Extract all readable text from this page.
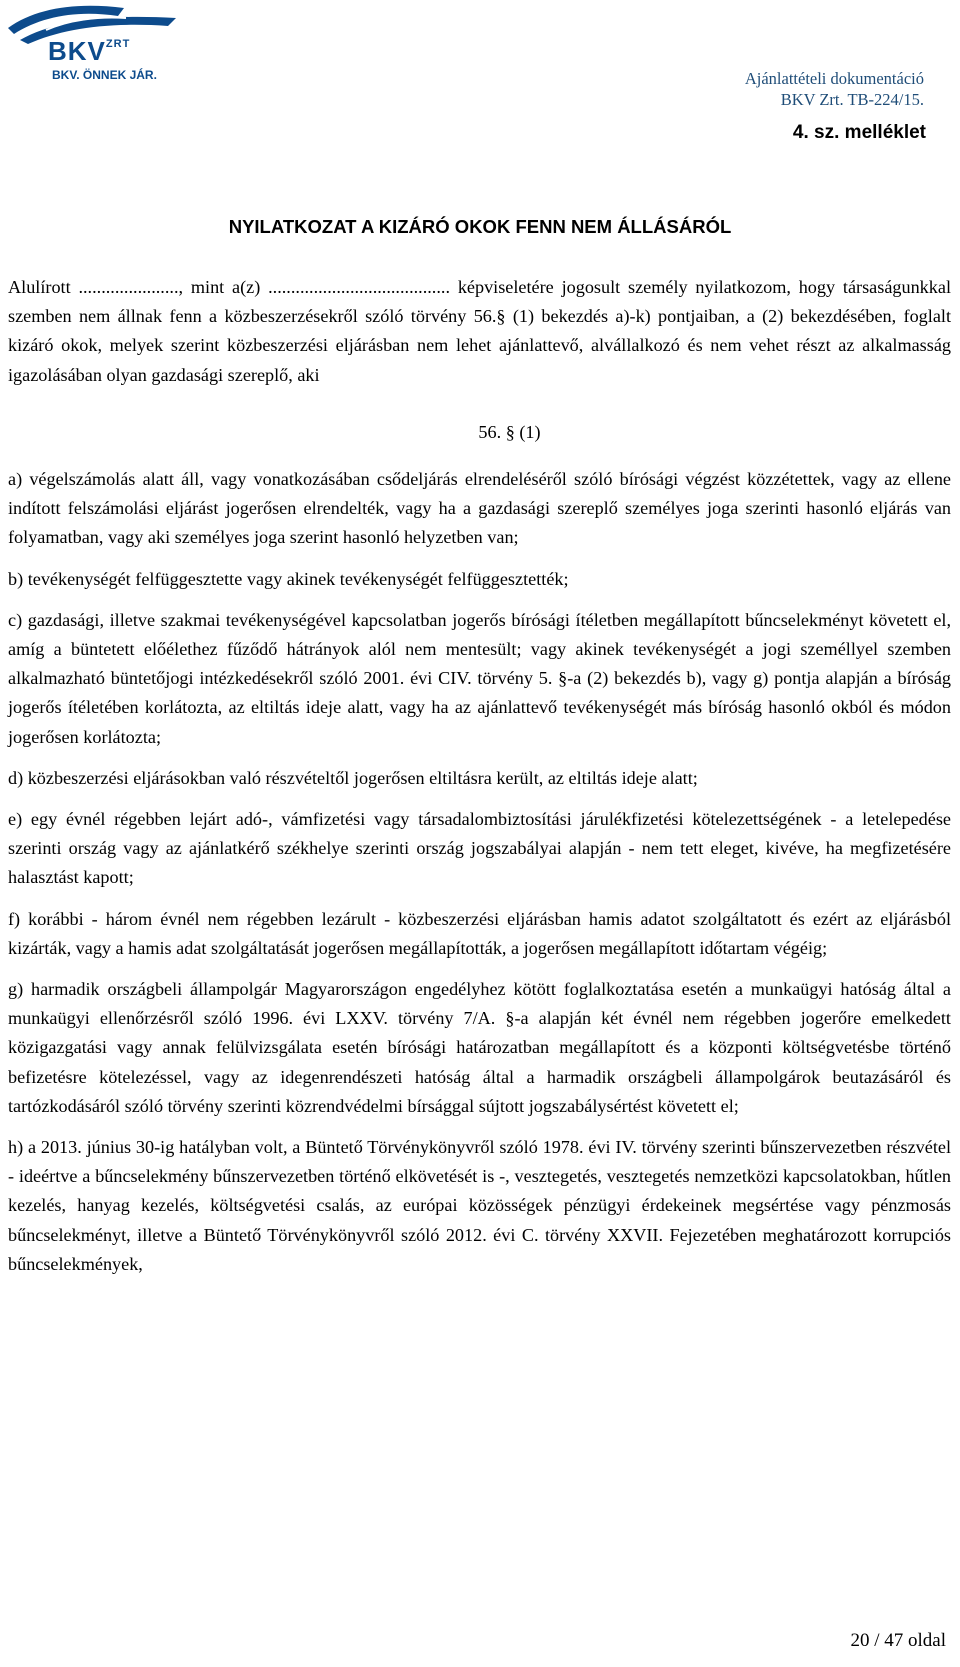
$BKV^{ZRT}$
BKV. ÖNNEK JÁR.	Ajánlattételi dokumentáció
BKV Zrt. TB-224/15.
4. sz. melléklet
NYILATKOZAT A KIZÁRÓ OKOK FENN NEM ÁLLÁSÁRÓL

Alulírott ......................, mint a(z) ........................................ képviseletére jogosult személy nyilatkozom, hogy társaságunkkal szemben nem állnak fenn a közbeszerzésekről szóló törvény 56.§ (1) bekezdés a)-k) pontjaiban, a (2) bekezdésében, foglalt kizáró okok, melyek szerint közbeszerzési eljárásban nem lehet ajánlattevő, alvállalkozó és nem vehet részt az alkalmasság igazolásában olyan gazdasági szereplő, aki

56. § (1)

a) végelszámolás alatt áll, vagy vonatkozásában csődeljárás elrendeléséről szóló bírósági végzést közzétettek, vagy az ellene indított felszámolási eljárást jogerősen elrendelték, vagy ha a gazdasági szereplő személyes joga szerinti hasonló eljárás van folyamatban, vagy aki személyes joga szerint hasonló helyzetben van;

b) tevékenységét felfüggesztette vagy akinek tevékenységét felfüggesztették;

c) gazdasági, illetve szakmai tevékenységével kapcsolatban jogerős bírósági ítéletben megállapított bűncselekményt követett el, amíg a büntetett előélethez fűződő hátrányok alól nem mentesült; vagy akinek tevékenységét a jogi személlyel szemben alkalmazható büntetőjogi intézkedésekről szóló 2001. évi CIV. törvény 5. §-a (2) bekezdés b), vagy g) pontja alapján a bíróság jogerős ítéletében korlátozta, az eltiltás ideje alatt, vagy ha az ajánlattevő tevékenységét más bíróság hasonló okból és módon jogerősen korlátozta;

d) közbeszerzési eljárásokban való részvételtől jogerősen eltiltásra került, az eltiltás ideje alatt;

e) egy évnél régebben lejárt adó-, vámfizetési vagy társadalombiztosítási járulékfizetési kötelezettségének - a letelepedése szerinti ország vagy az ajánlatkérő székhelye szerinti ország jogszabályai alapján - nem tett eleget, kivéve, ha megfizetésére halasztást kapott;

f) korábbi - három évnél nem régebben lezárult - közbeszerzési eljárásban hamis adatot szolgáltatott és ezért az eljárásból kizárták, vagy a hamis adat szolgáltatását jogerősen megállapították, a jogerősen megállapított időtartam végéig;

g) harmadik országbeli állampolgár Magyarországon engedélyhez kötött foglalkoztatása esetén a munkaügyi hatóság által a munkaügyi ellenőrzésről szóló 1996. évi LXXV. törvény 7/A. §-a alapján két évnél nem régebben jogerőre emelkedett közigazgatási vagy annak felülvizsgálata esetén bírósági határozatban megállapított és a központi költségvetésbe történő befizetésre kötelezéssel, vagy az idegenrendészeti hatóság által a harmadik országbeli állampolgárok beutazásáról és tartózkodásáról szóló törvény szerinti közrendvédelmi bírsággal sújtott jogszabálysértést követett el;

h) a 2013. június 30-ig hatályban volt, a Büntető Törvénykönyvről szóló 1978. évi IV. törvény szerinti bűnszervezetben részvétel - ideértve a bűncselekmény bűnszervezetben történő elkövetését is -, vesztegetés, vesztegetés nemzetközi kapcsolatokban, hűtlen kezelés, hanyag kezelés, költségvetési csalás, az európai közösségek pénzügyi érdekeinek megsértése vagy pénzmosás bűncselekményt, illetve a Büntető Törvénykönyvről szóló 2012. évi C. törvény XXVII. Fejezetében meghatározott korrupciós bűncselekmények,

20 / 47 oldal
